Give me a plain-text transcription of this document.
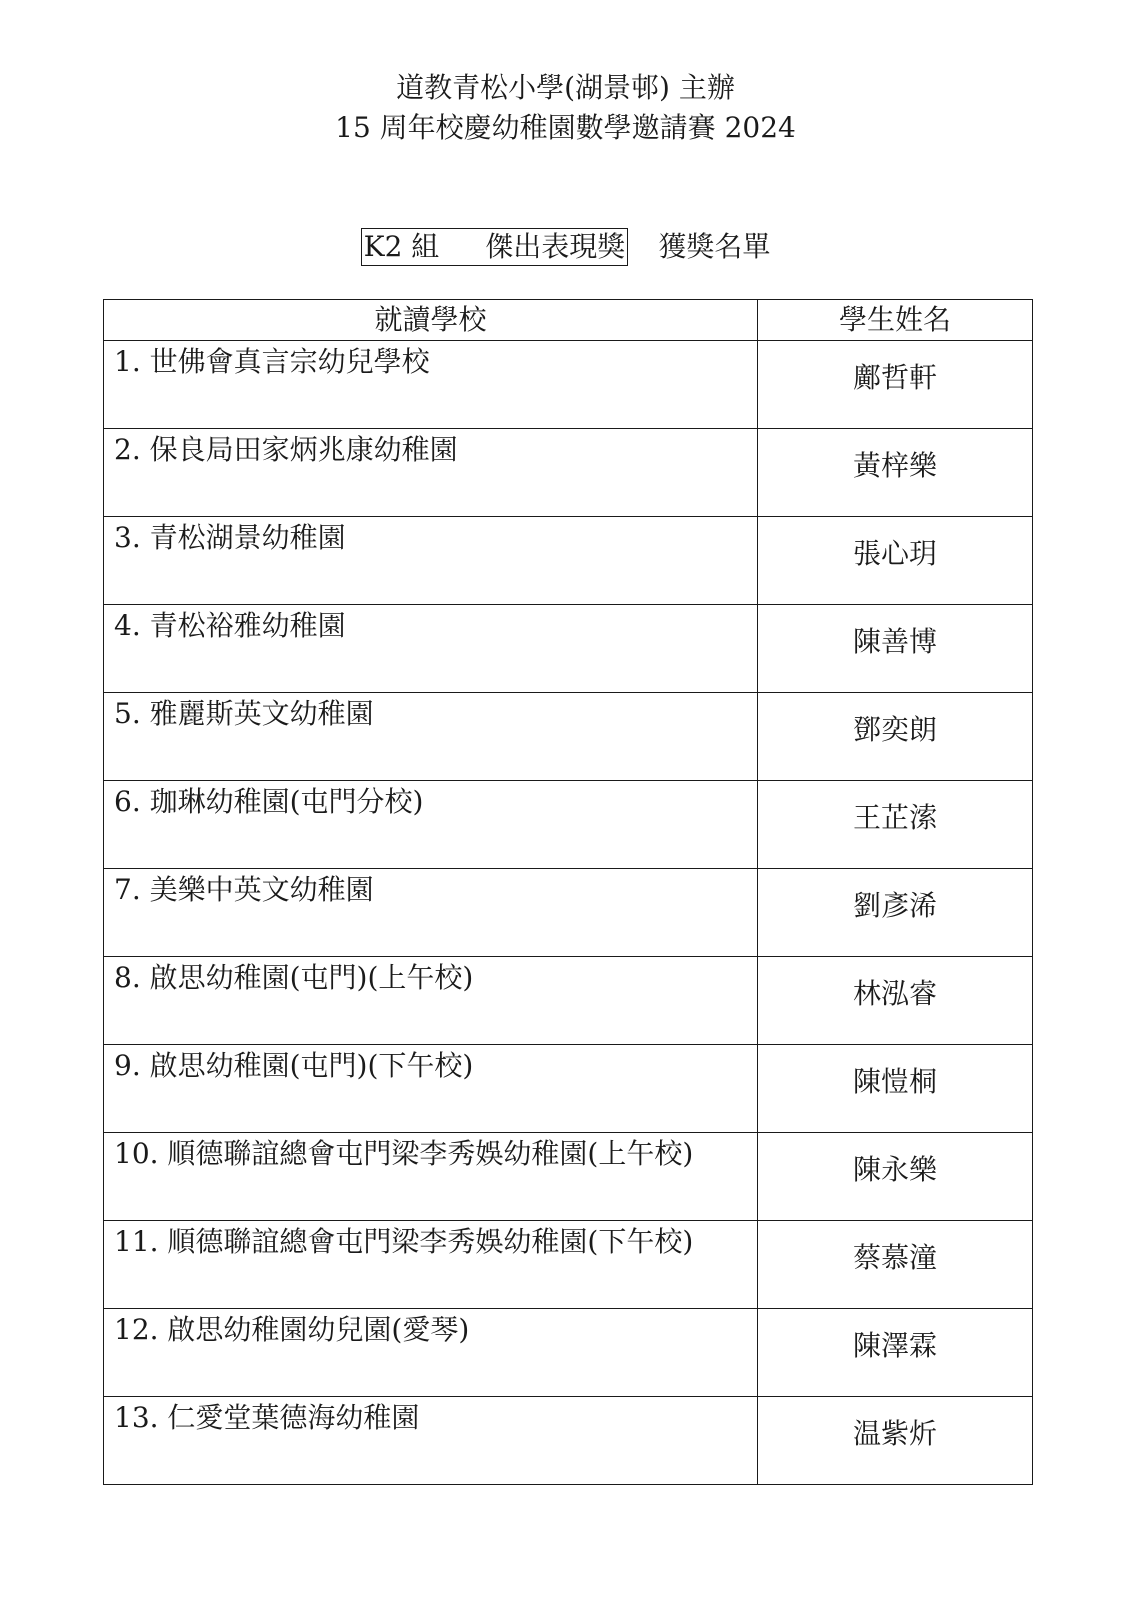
道教青松小學(湖景邨) 主辦
15 周年校慶幼稚園數學邀請賽 2024
K2 組 傑出表現獎 獲獎名單
就讀學校	學生姓名
1. 世佛會真言宗幼兒學校	鄺哲軒
2. 保良局田家炳兆康幼稚園	黃梓樂
3. 青松湖景幼稚園	張心玥
4. 青松裕雅幼稚園	陳善博
5. 雅麗斯英文幼稚園	鄧奕朗
6. 珈琳幼稚園(屯門分校)	王芷溹
7. 美樂中英文幼稚園	劉彥浠
8. 啟思幼稚園(屯門)(上午校)	林泓睿
9. 啟思幼稚園(屯門)(下午校)	陳愷桐
10. 順德聯誼總會屯門梁李秀娛幼稚園(上午校)	陳永樂
11. 順德聯誼總會屯門梁李秀娛幼稚園(下午校)	蔡慕潼
12. 啟思幼稚園幼兒園(愛琴)	陳澤霖
13. 仁愛堂葉德海幼稚園	温紫炘
